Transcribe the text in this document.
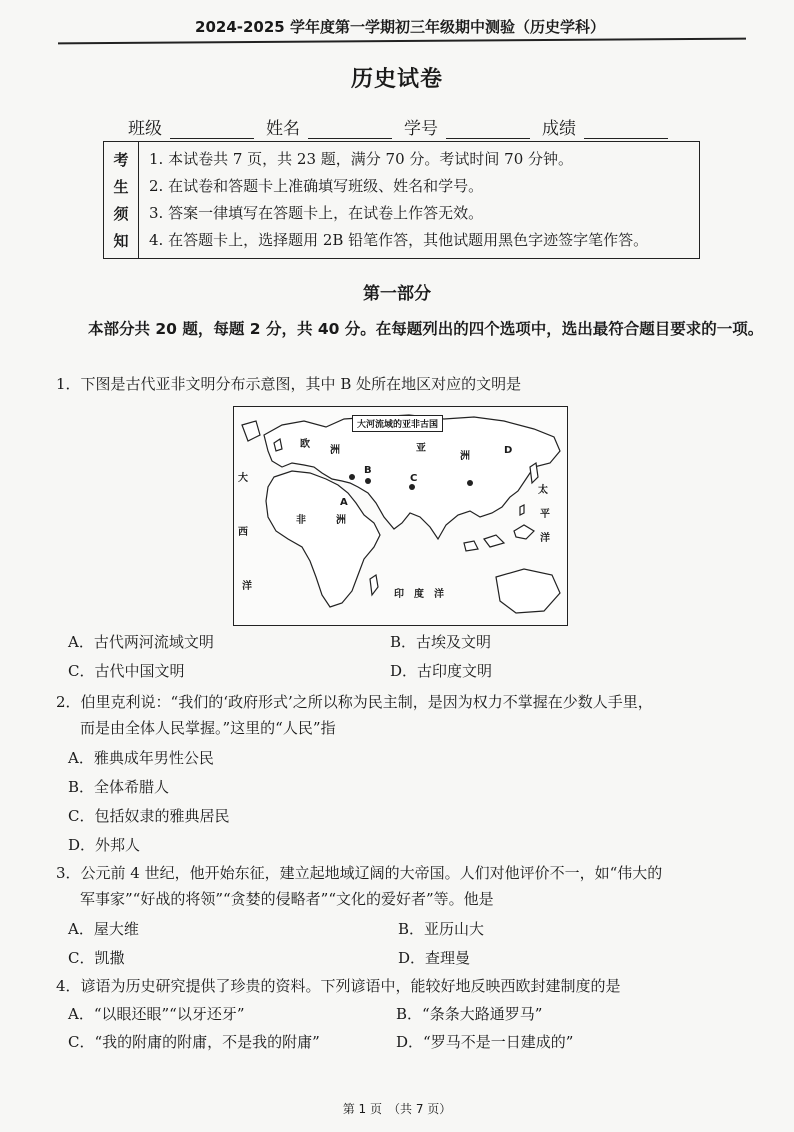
2024-2025 学年度第一学期初三年级期中测验（历史学科）
历史试卷
班级	姓名	学号	成绩
考
生
须
知
1. 本试卷共 7 页，共 23 题，满分 70 分。考试时间 70 分钟。
2. 在试卷和答题卡上准确填写班级、姓名和学号。
3. 答案一律填写在答题卡上，在试卷上作答无效。
4. 在答题卡上，选择题用 2B 铅笔作答，其他试题用黑色字迹签字笔作答。
第一部分
本部分共 20 题，每题 2 分，共 40 分。在每题列出的四个选项中，选出最符合题目要求的一项。
1．下图是古代亚非文明分布示意图，其中 B 处所在地区对应的文明是
大河流域的亚非古国
欧
洲	亚
洲
非	洲
大
西
洋
太
平
洋
印　度　洋
A
B
C
D
A．古代两河流域文明	B．古埃及文明
C．古代中国文明	D．古印度文明
2．伯里克利说：“我们的‘政府形式’之所以称为民主制，是因为权力不掌握在少数人手里，
而是由全体人民掌握。”这里的“人民”指
A．雅典成年男性公民
B．全体希腊人
C．包括奴隶的雅典居民
D．外邦人
3．公元前 4 世纪，他开始东征，建立起地域辽阔的大帝国。人们对他评价不一，如“伟大的
军事家”“好战的将领”“贪婪的侵略者”“文化的爱好者”等。他是
A．屋大维	B．亚历山大
C．凯撒	D．查理曼
4．谚语为历史研究提供了珍贵的资料。下列谚语中，能较好地反映西欧封建制度的是
A．“以眼还眼”“以牙还牙”	B．“条条大路通罗马”
C．“我的附庸的附庸，不是我的附庸”	D．“罗马不是一日建成的”
第 1 页　（共 7 页）
